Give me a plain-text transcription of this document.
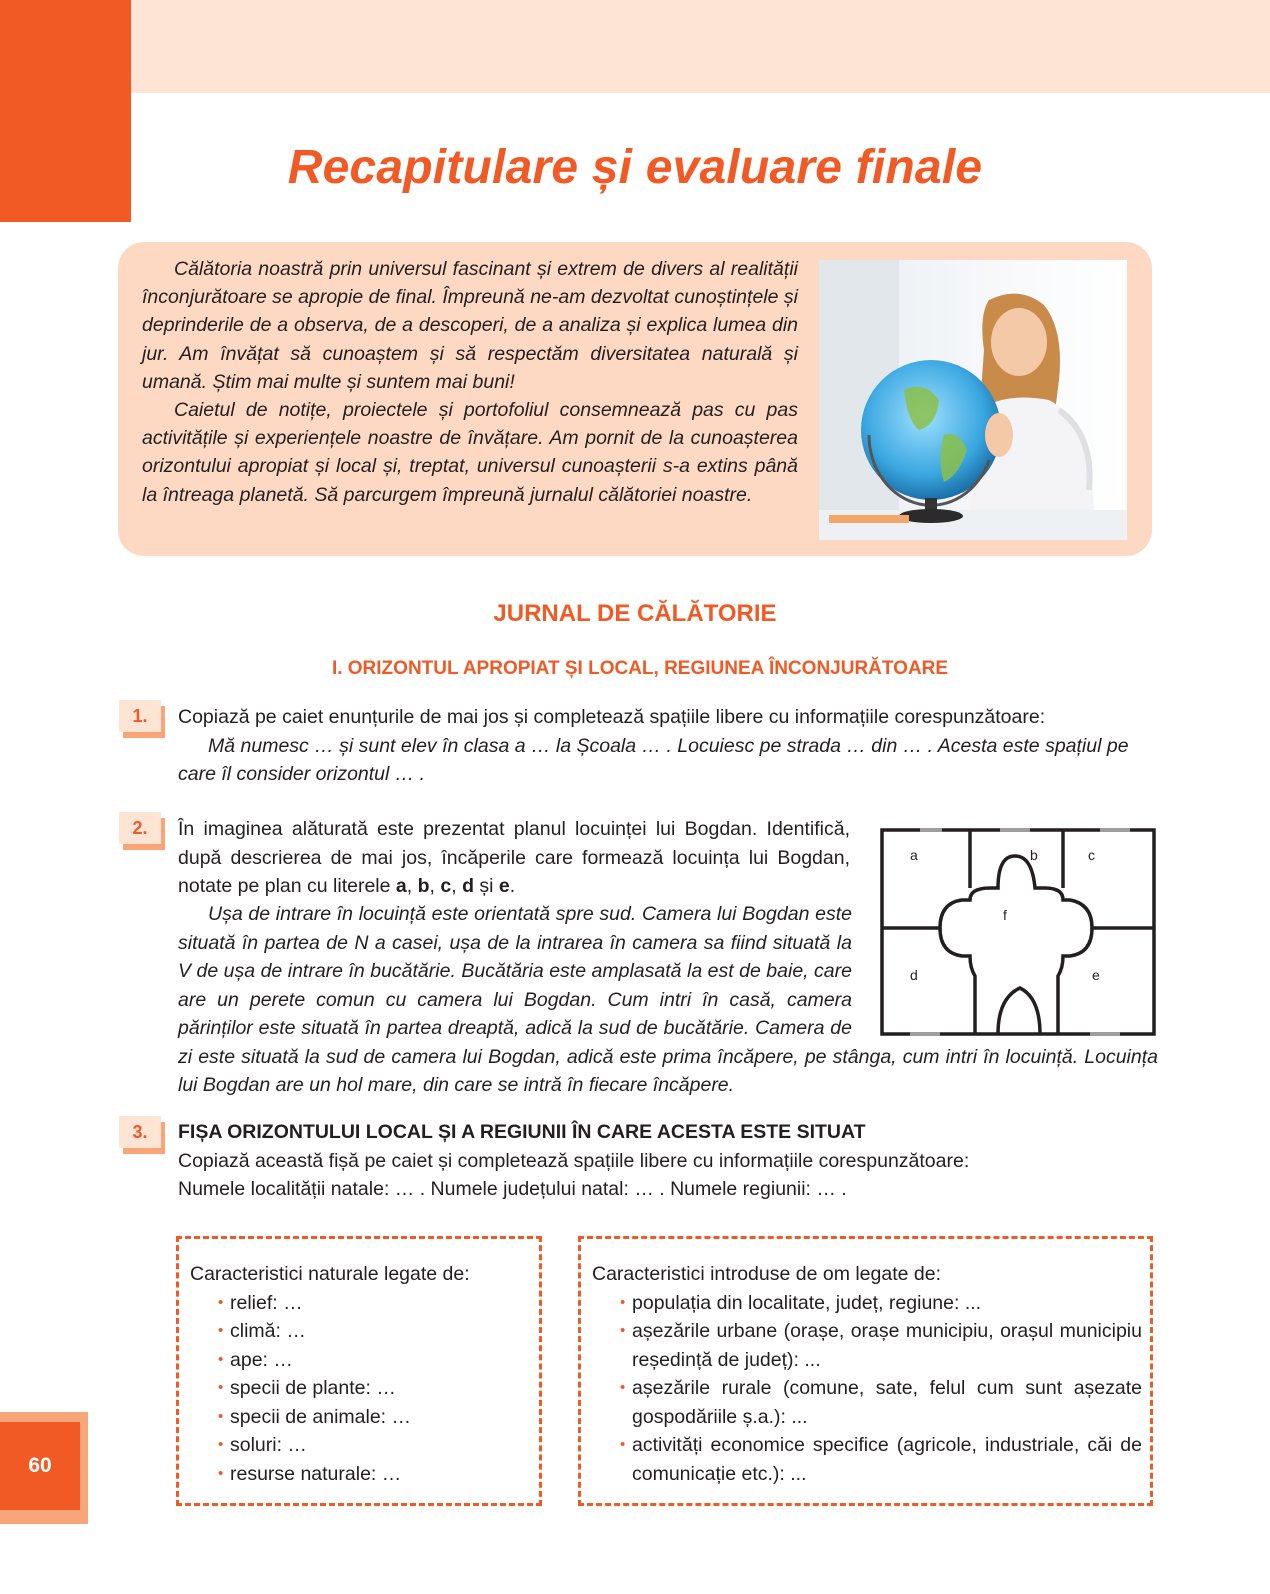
Recapitulare și evaluare finale

Călătoria noastră prin universul fascinant și extrem de divers al realității înconjurătoare se apropie de final. Împreună ne-am dezvoltat cunoștințele și deprinderile de a observa, de a descoperi, de a analiza și explica lumea din jur. Am învățat să cunoaștem și să respectăm diversitatea naturală și umană. Știm mai multe și suntem mai buni!

Caietul de notițe, proiectele și portofoliul consemnează pas cu pas activitățile și experiențele noastre de învățare. Am pornit de la cunoașterea orizontului apropiat și local și, treptat, universul cunoașterii s-a extins până la întreaga planetă. Să parcurgem împreună jurnalul călătoriei noastre.

JURNAL DE CĂLĂTORIE
I. ORIZONTUL APROPIAT ȘI LOCAL, REGIUNEA ÎNCONJURĂTOARE
1.	Copiază pe caiet enunțurile de mai jos și completează spațiile libere cu informațiile corespunzătoare:

Mă numesc … și sunt elev în clasa a … la Școala … . Locuiesc pe strada … din … . Acesta este spațiul pe care îl consider orizontul … .

2.	În imaginea alăturată este prezentat planul locuinței lui Bogdan. Identifică, după descrierea de mai jos, încăperile care formează locuința lui Bogdan, notate pe plan cu literele a, b, c, d și e.

Ușa de intrare în locuință este orientată spre sud. Camera lui Bogdan este situată în partea de N a casei, ușa de la intrarea în camera sa fiind situată la V de ușa de intrare în bucătărie. Bucătăria este amplasată la est de baie, care are un perete comun cu camera lui Bogdan. Cum intri în casă, camera părinților este situată în partea dreaptă, adică la sud de bucătărie. Camera de zi este situată la sud de camera lui Bogdan, adică este prima încăpere, pe stânga, cum intri în locuință. Locuința lui Bogdan are un hol mare, din care se intră în fiecare încăpere.

a	b	c
d	e
f
3.	FIȘA ORIZONTULUI LOCAL ȘI A REGIUNII ÎN CARE ACESTA ESTE SITUAT

Copiază această fișă pe caiet și completează spațiile libere cu informațiile corespunzătoare:

Numele localității natale: … . Numele județului natal: … . Numele regiunii: … .

Caracteristici naturale legate de:
• relief: …
• climă: …
• ape: …
• specii de plante: …
• specii de animale: …
• soluri: …
• resurse naturale: …
Caracteristici introduse de om legate de:
• populația din localitate, județ, regiune: ...
• așezările urbane (orașe, orașe municipiu, orașul municipiu reședință de județ): ...
• așezările rurale (comune, sate, felul cum sunt așezate gospodăriile ș.a.): ...
• activități economice specifice (agricole, industriale, căi de comunicație etc.): ...
60
